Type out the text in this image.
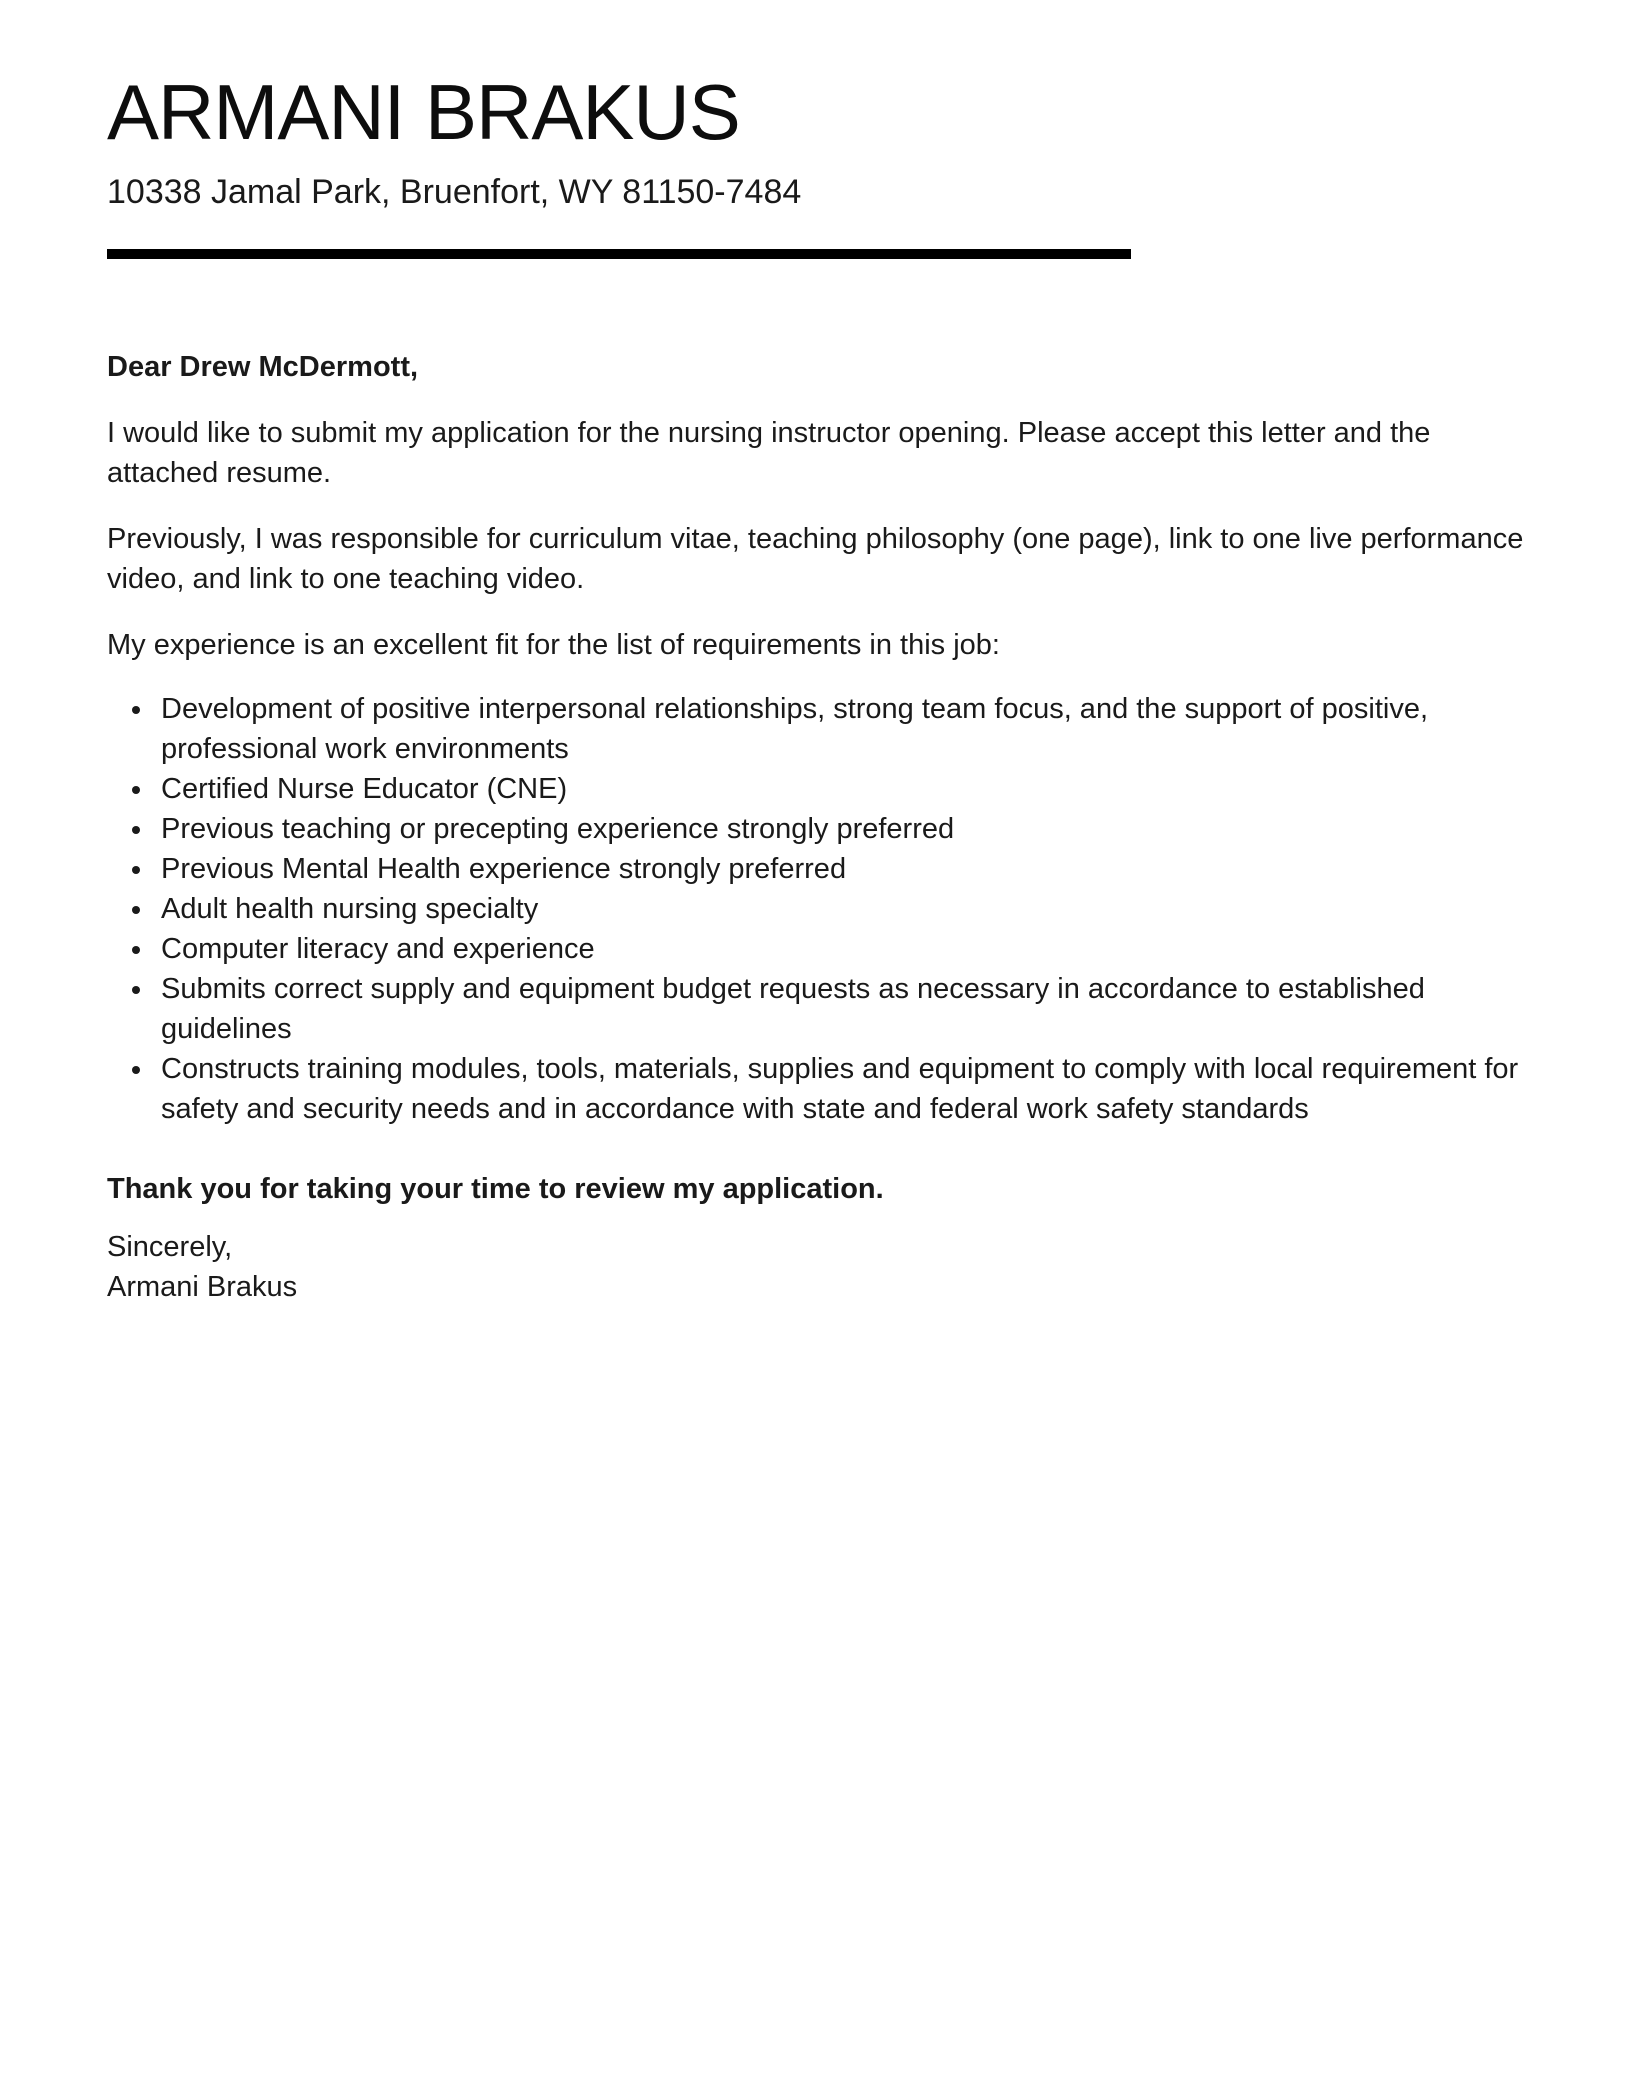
ARMANI BRAKUS
10338 Jamal Park, Bruenfort, WY 81150-7484

Dear Drew McDermott,

I would like to submit my application for the nursing instructor opening. Please accept this letter and the attached resume.

Previously, I was responsible for curriculum vitae, teaching philosophy (one page), link to one live performance video, and link to one teaching video.

My experience is an excellent fit for the list of requirements in this job:

• Development of positive interpersonal relationships, strong team focus, and the support of positive, professional work environments
• Certified Nurse Educator (CNE)
• Previous teaching or precepting experience strongly preferred
• Previous Mental Health experience strongly preferred
• Adult health nursing specialty
• Computer literacy and experience
• Submits correct supply and equipment budget requests as necessary in accordance to established guidelines
• Constructs training modules, tools, materials, supplies and equipment to comply with local requirement for safety and security needs and in accordance with state and federal work safety standards

Thank you for taking your time to review my application.

Sincerely,
Armani Brakus
